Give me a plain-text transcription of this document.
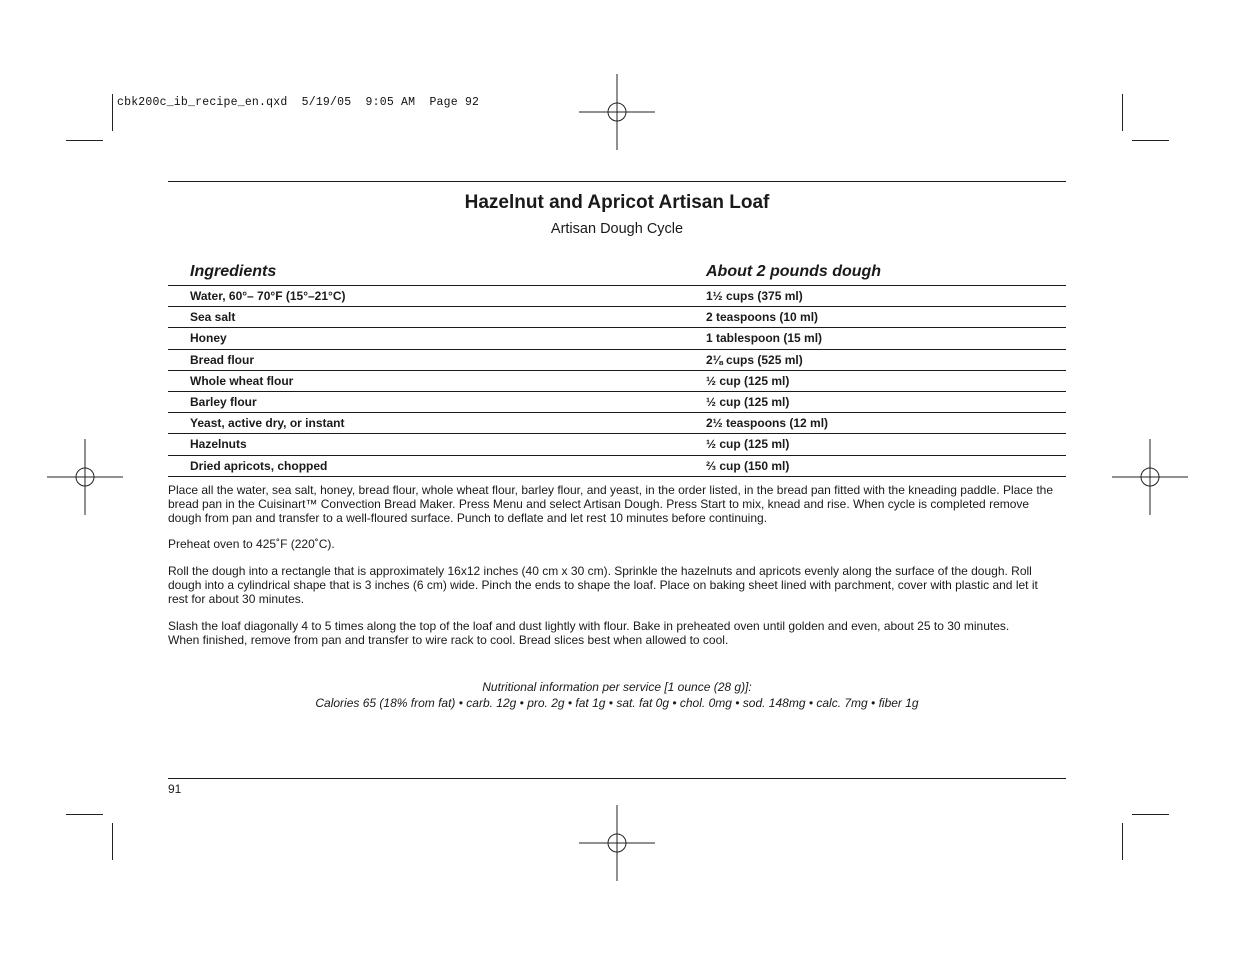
cbk200c_ib_recipe_en.qxd  5/19/05  9:05 AM  Page 92
Hazelnut and Apricot Artisan Loaf
Artisan Dough Cycle
Ingredients	About 2 pounds dough
Water, 60°– 70°F (15°–21°C)	1½ cups (375 ml)
Sea salt	2 teaspoons (10 ml)
Honey	1 tablespoon (15 ml)
Bread flour	2⅛ cups (525 ml)
Whole wheat flour	½ cup (125 ml)
Barley flour	½ cup (125 ml)
Yeast, active dry, or instant	2½ teaspoons (12 ml)
Hazelnuts	½ cup (125 ml)
Dried apricots, chopped	⅔ cup (150 ml)
Place all the water, sea salt, honey, bread flour, whole wheat flour, barley flour, and yeast, in the order listed, in the bread pan fitted with the kneading paddle. Place the bread pan in the Cuisinart™ Convection Bread Maker. Press Menu and select Artisan Dough. Press Start to mix, knead and rise. When cycle is completed remove dough from pan and transfer to a well-floured surface. Punch to deflate and let rest 10 minutes before continuing.
Preheat oven to 425˚F (220˚C).
Roll the dough into a rectangle that is approximately 16x12 inches (40 cm x 30 cm). Sprinkle the hazelnuts and apricots evenly along the surface of the dough. Roll dough into a cylindrical shape that is 3 inches (6 cm) wide. Pinch the ends to shape the loaf. Place on baking sheet lined with parchment, cover with plastic and let it rest for about 30 minutes.
Slash the loaf diagonally 4 to 5 times along the top of the loaf and dust lightly with flour. Bake in preheated oven until golden and even, about 25 to 30 minutes. When finished, remove from pan and transfer to wire rack to cool. Bread slices best when allowed to cool.
Nutritional information per service [1 ounce (28 g)]:
Calories 65 (18% from fat) • carb. 12g • pro. 2g • fat 1g • sat. fat 0g • chol. 0mg • sod. 148mg • calc. 7mg • fiber 1g
91
